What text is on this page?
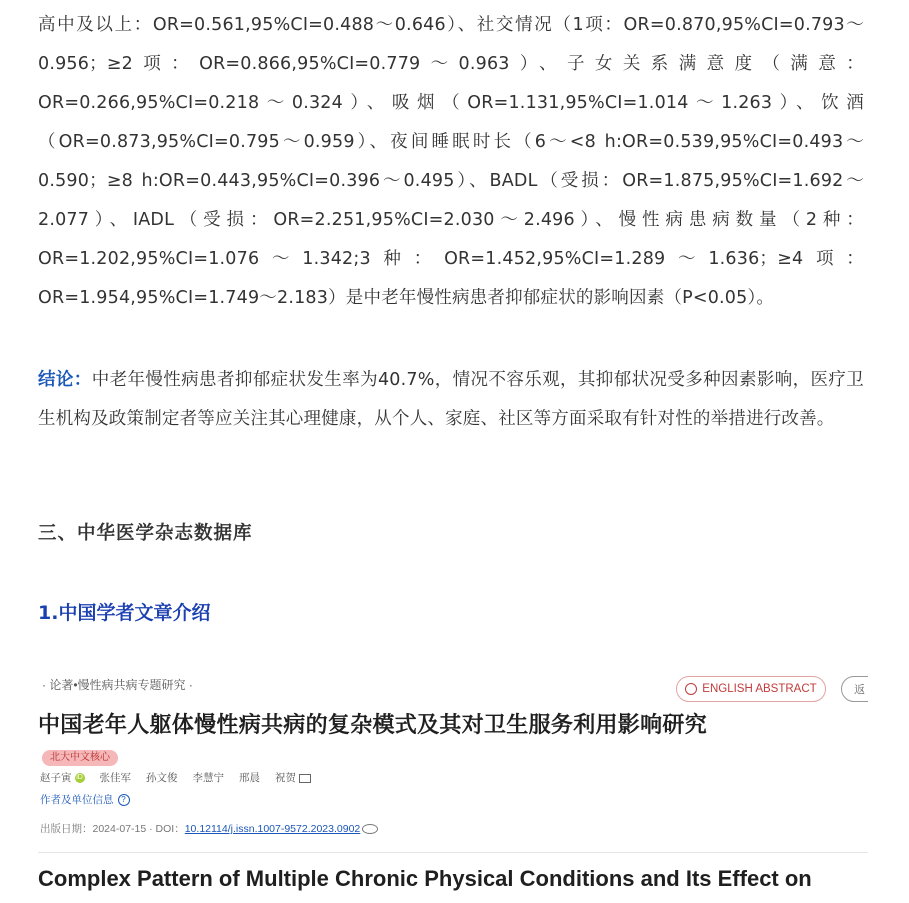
高中及以上：OR=0.561,95%CI=0.488～0.646）、社交情况（1项：OR=0.870,95%CI=0.793～0.956；≥2项：OR=0.866,95%CI=0.779～0.963）、子女关系满意度（满意：OR=0.266,95%CI=0.218～0.324）、吸烟（OR=1.131,95%CI=1.014～1.263）、饮酒（OR=0.873,95%CI=0.795～0.959）、夜间睡眠时长（6～<8 h:OR=0.539,95%CI=0.493～0.590；≥8 h:OR=0.443,95%CI=0.396～0.495）、BADL（受损：OR=1.875,95%CI=1.692～2.077）、IADL（受损：OR=2.251,95%CI=2.030～2.496）、慢性病患病数量（2种：OR=1.202,95%CI=1.076～1.342;3种：OR=1.452,95%CI=1.289～1.636；≥4项：OR=1.954,95%CI=1.749～2.183）是中老年慢性病患者抑郁症状的影响因素（P<0.05）。
结论：中老年慢性病患者抑郁症状发生率为40.7%，情况不容乐观，其抑郁状况受多种因素影响，医疗卫生机构及政策制定者等应关注其心理健康，从个人、家庭、社区等方面采取有针对性的举措进行改善。
三、中华医学杂志数据库
1.中国学者文章介绍
· 论著•慢性病共病专题研究 ·	ENGLISH ABSTRACT	返
中国老年人躯体慢性病共病的复杂模式及其对卫生服务利用影响研究
北大中文核心
赵子寅 iD 张佳军 孙文俊 李慧宁 邢晨 祝贺
作者及单位信息 ?
出版日期：2024-07-15 · DOI：10.12114/j.issn.1007-9572.2023.0902
Complex Pattern of Multiple Chronic Physical Conditions and Its Effect on
